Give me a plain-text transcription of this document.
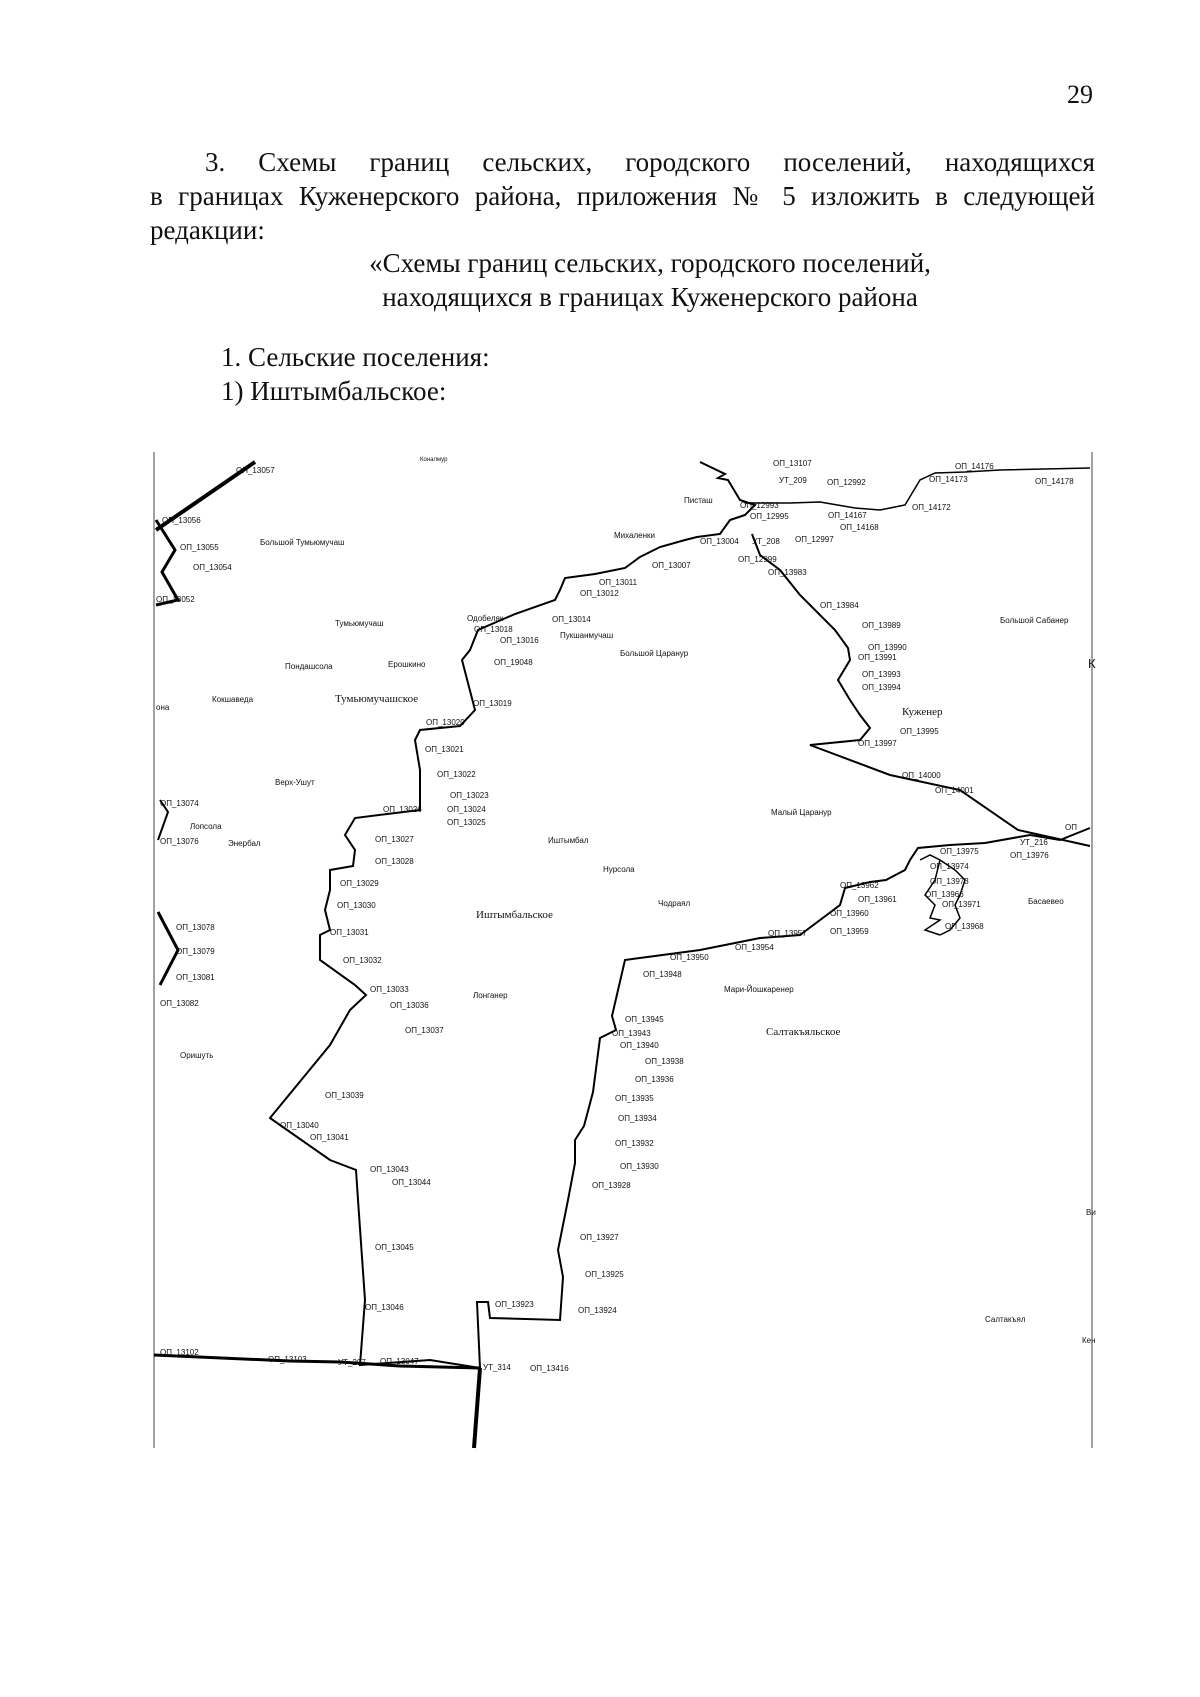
29
3. Схемы границ сельских, городского поселений, находящихся
в границах Куженерского района, приложения № 5 изложить в следующей
редакции:
«Схемы границ сельских, городского поселений,
находящихся в границах Куженерского района
1. Сельские поселения:
1) Иштымбальское:
Иштымбальское
Тумьюмучашское
Салтакъяльское
Куженер
Большой Тумьюмучаш
Тумьюмучаш
Пондашсола	Ерошкино
Кокшаведа
Верх-Ушут
Лопсола
Энербал
Оришуть
Одобеляк
Пукшанмучаш
Большой Царанур
Михаленки
Писташ
Большой Сабанер
Малый Царанур
Иштымбал
Нурсола
Чодраял	Басаевео
Лонганер
Мари-Йошкаренер
Салтакъял
К
Ви
Кен
она
Коналмур
ОП_13057
ОП_13056
ОП_13055
ОП_13054
ОП_13052
ОП_13074
ОП_13076
ОП_13078
ОП_13079
ОП_13081
ОП_13082
ОП_13102
ОП_13103	УТ_207 ОП_13047
УТ_314 ОП_13416
ОП_13046
ОП_13045
ОП_13044
ОП_13043
ОП_13041
ОП_13040
ОП_13039
ОП_13037
ОП_13036
ОП_13033
ОП_13032
ОП_13031
ОП_13030
ОП_13029
ОП_13028
ОП_13027
ОП_13026
ОП_13025
ОП_13024
ОП_13023
ОП_13022
ОП_13021
ОП_13020
ОП_13019
ОП_19048
ОП_13016
ОП_13018
ОП_13014
ОП_13012
ОП_13011
ОП_13007
ОП_13004
ОП_13107
УТ_209	ОП_12992
ОП_12993
ОП_12995	ОП_14167
ОП_14168
ОП_14172
ОП_14173
ОП_14176
ОП_14178
УТ_208 ОП_12997
ОП_12999
ОП_13983
ОП_13984
ОП_13989
ОП_13990
ОП_13991
ОП_13993
ОП_13994
ОП_13995
ОП_13997
ОП_14000
ОП_14001
УТ_216
ОП_13976
ОП_13975
ОП_13974
ОП_13973
ОП_13966
ОП_13971
ОП_13968
ОП_13962
ОП_13961
ОП_13960
ОП_13959
ОП_13957
ОП_13954
ОП_13950
ОП_13948
ОП_13945
ОП_13943
ОП_13940
ОП_13938
ОП_13936
ОП_13935
ОП_13934
ОП_13932
ОП_13930
ОП_13928
ОП_13927
ОП_13925
ОП_13924
ОП_13923
ОП
